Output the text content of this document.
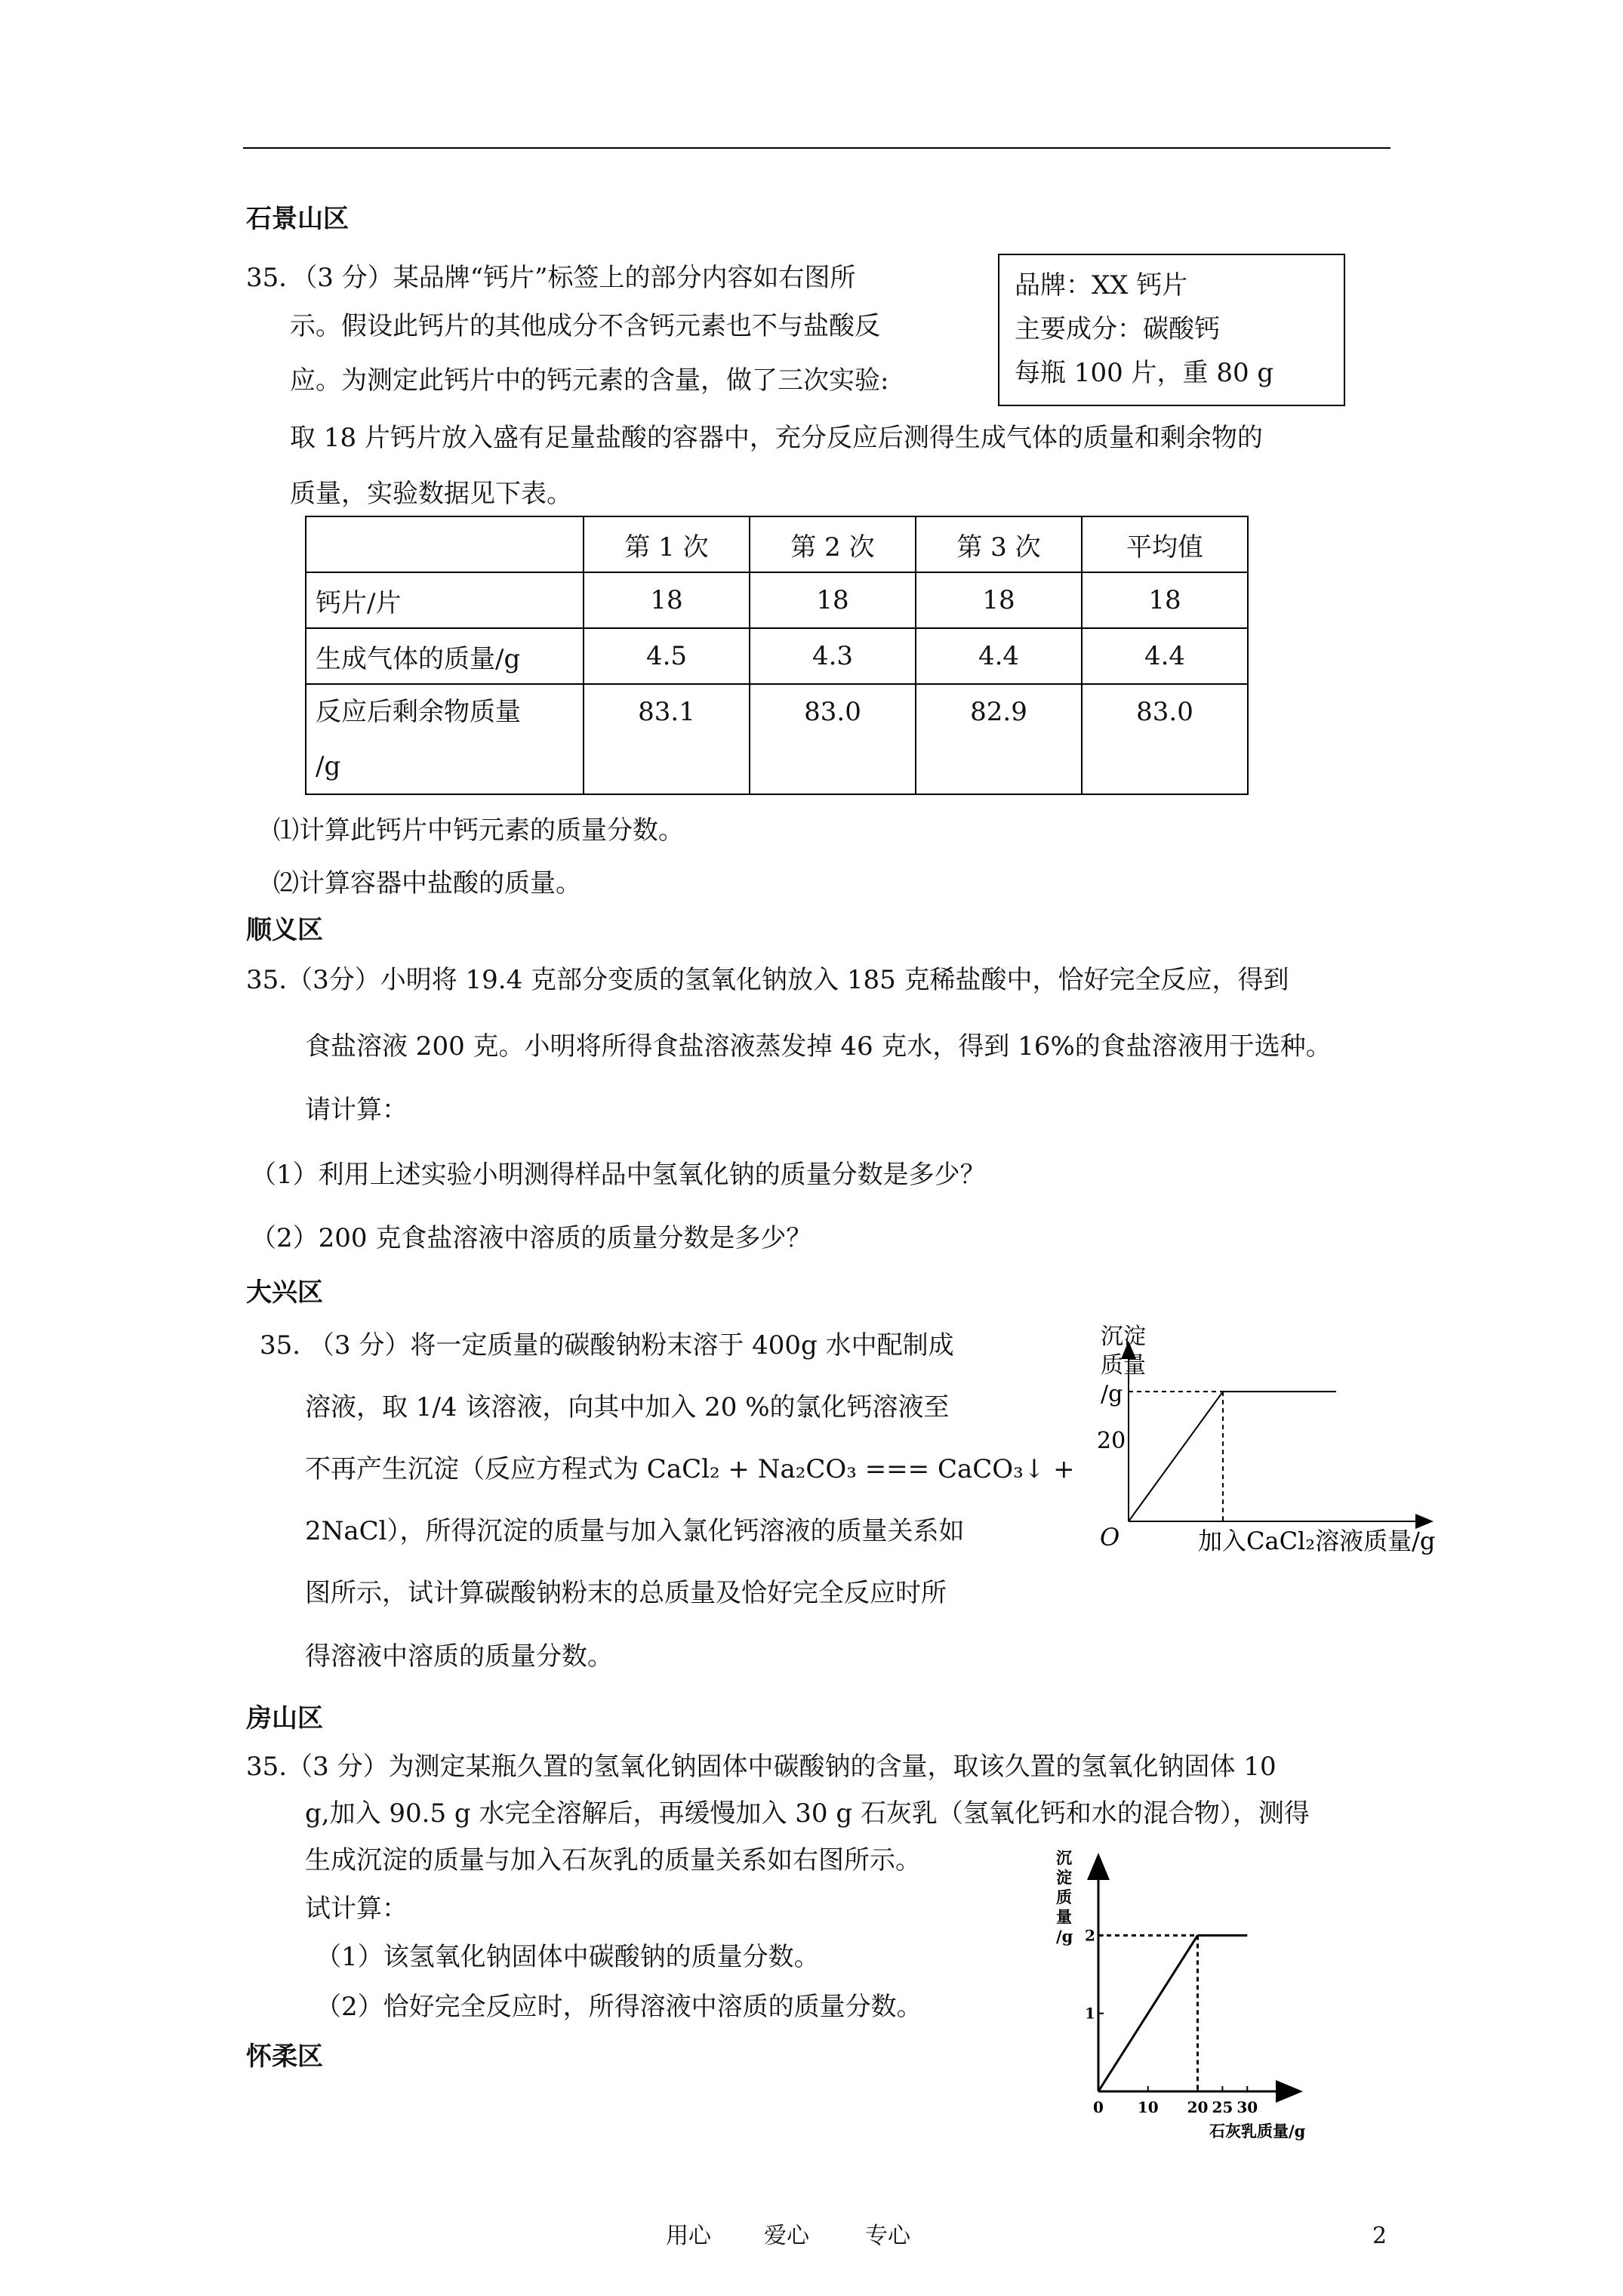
石景山区
35．（3 分）某品牌“钙片”标签上的部分内容如右图所
示。假设此钙片的其他成分不含钙元素也不与盐酸反
应。为测定此钙片中的钙元素的含量，做了三次实验:
取 18 片钙片放入盛有足量盐酸的容器中，充分反应后测得生成气体的质量和剩余物的
质量，实验数据见下表。
品牌：XX 钙片
主要成分：碳酸钙
每瓶 100 片，重 80 g
	第 1 次	第 2 次	第 3 次	平均值
钙片/片	18	18	18	18
生成气体的质量/g	4.5	4.3	4.4	4.4

反应后剩余物质量
/g	83.1	83.0	82.9	83.0
⑴计算此钙片中钙元素的质量分数。
⑵计算容器中盐酸的质量。
顺义区
35.（3分）小明将 19.4 克部分变质的氢氧化钠放入 185 克稀盐酸中，恰好完全反应，得到
食盐溶液 200 克。小明将所得食盐溶液蒸发掉 46 克水，得到 16%的食盐溶液用于选种。
请计算：
（1）利用上述实验小明测得样品中氢氧化钠的质量分数是多少？
（2）200 克食盐溶液中溶质的质量分数是多少？
大兴区
35. （3 分）将一定质量的碳酸钠粉末溶于 400g 水中配制成
溶液，取 1/4 该溶液，向其中加入 20 %的氯化钙溶液至
不再产生沉淀（反应方程式为 CaCl₂ + Na₂CO₃ === CaCO₃↓ +
2NaCl），所得沉淀的质量与加入氯化钙溶液的质量关系如
图所示，试计算碳酸钠粉末的总质量及恰好完全反应时所
得溶液中溶质的质量分数。
沉淀
质量
/g
20
O	加入CaCl₂溶液质量/g
房山区
35.（3 分）为测定某瓶久置的氢氧化钠固体中碳酸钠的含量，取该久置的氢氧化钠固体 10
g,加入 90.5 g 水完全溶解后，再缓慢加入 30 g 石灰乳（氢氧化钙和水的混合物），测得
生成沉淀的质量与加入石灰乳的质量关系如右图所示。
试计算：
（1）该氢氧化钠固体中碳酸钠的质量分数。
（2）恰好完全反应时，所得溶液中溶质的质量分数。
0 10 20 25 30
1
2
沉
淀
质
量
/g
石灰乳质量/g
怀柔区
用心 爱心 专心	2
